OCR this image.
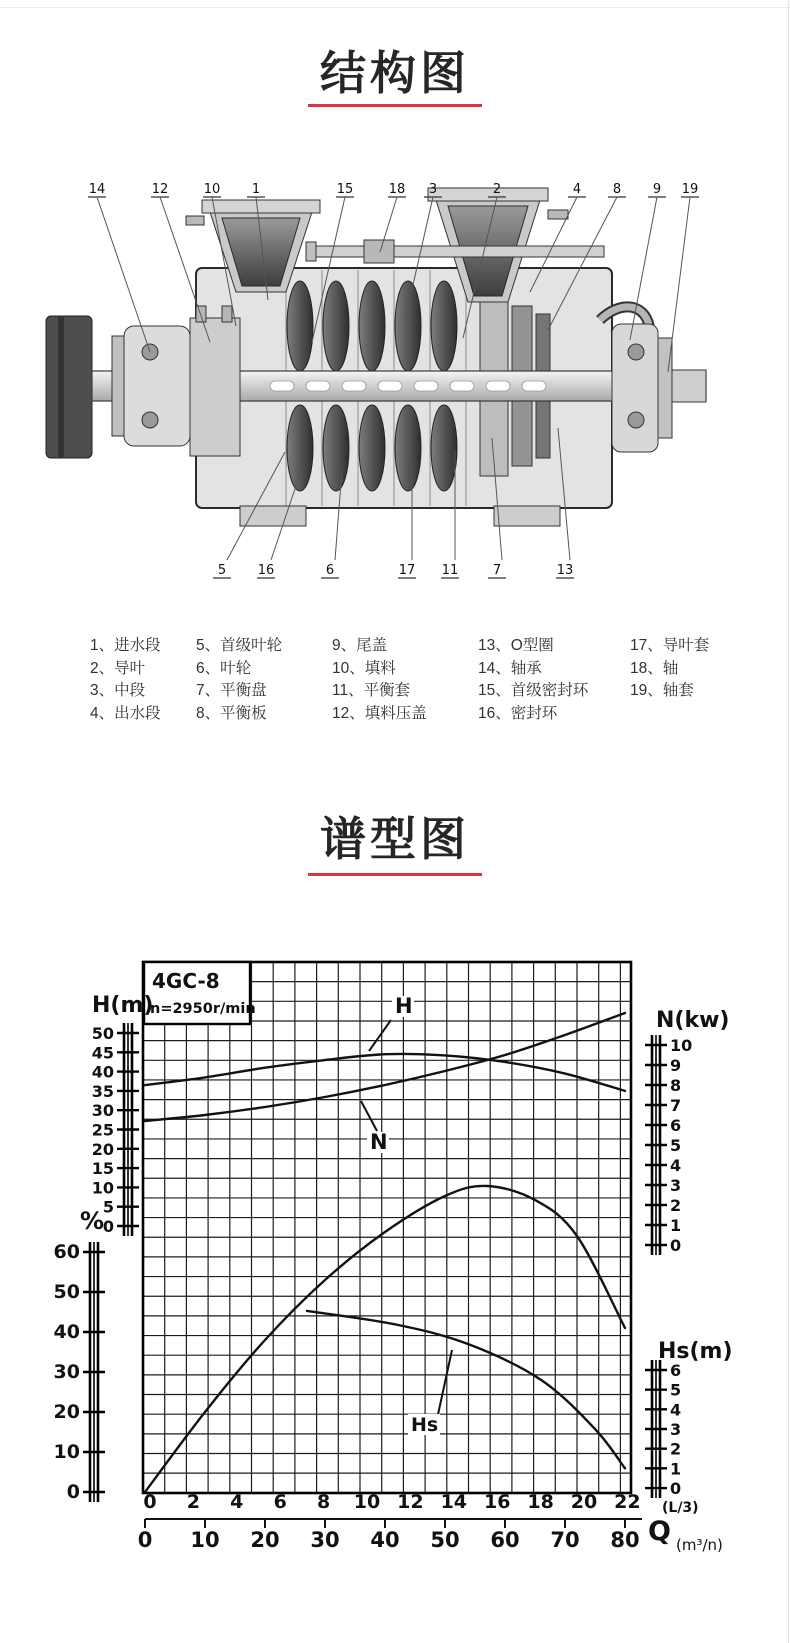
结构图
14	12	10 1	15	18 3	2	4 8 9 19
5 16	6	17 11	7	13
1、进水段
2、导叶
3、中段
4、出水段
5、首级叶轮
6、叶轮
7、平衡盘
8、平衡板
9、尾盖
10、填料
11、平衡套
12、填料压盖
13、O型圈
14、轴承
15、首级密封环
16、密封环
17、导叶套
18、轴
19、轴套
谱型图
4GC-8
n=2950r/min
50
45
40
35
30
25
20
15
10
5
0
H(m)
60
50
40
30
20
10
0
%
10
9
8
7
6
5
4
3
2
1
0
N(kw)
6
5
4
3
2
1
0
Hs(m)
0 2 4 6 8 10 12 14 16 18 20 22 (L/3)
0 10 20 30 40 50 60 70 80 Q (m³/n)
H
N
Hs
